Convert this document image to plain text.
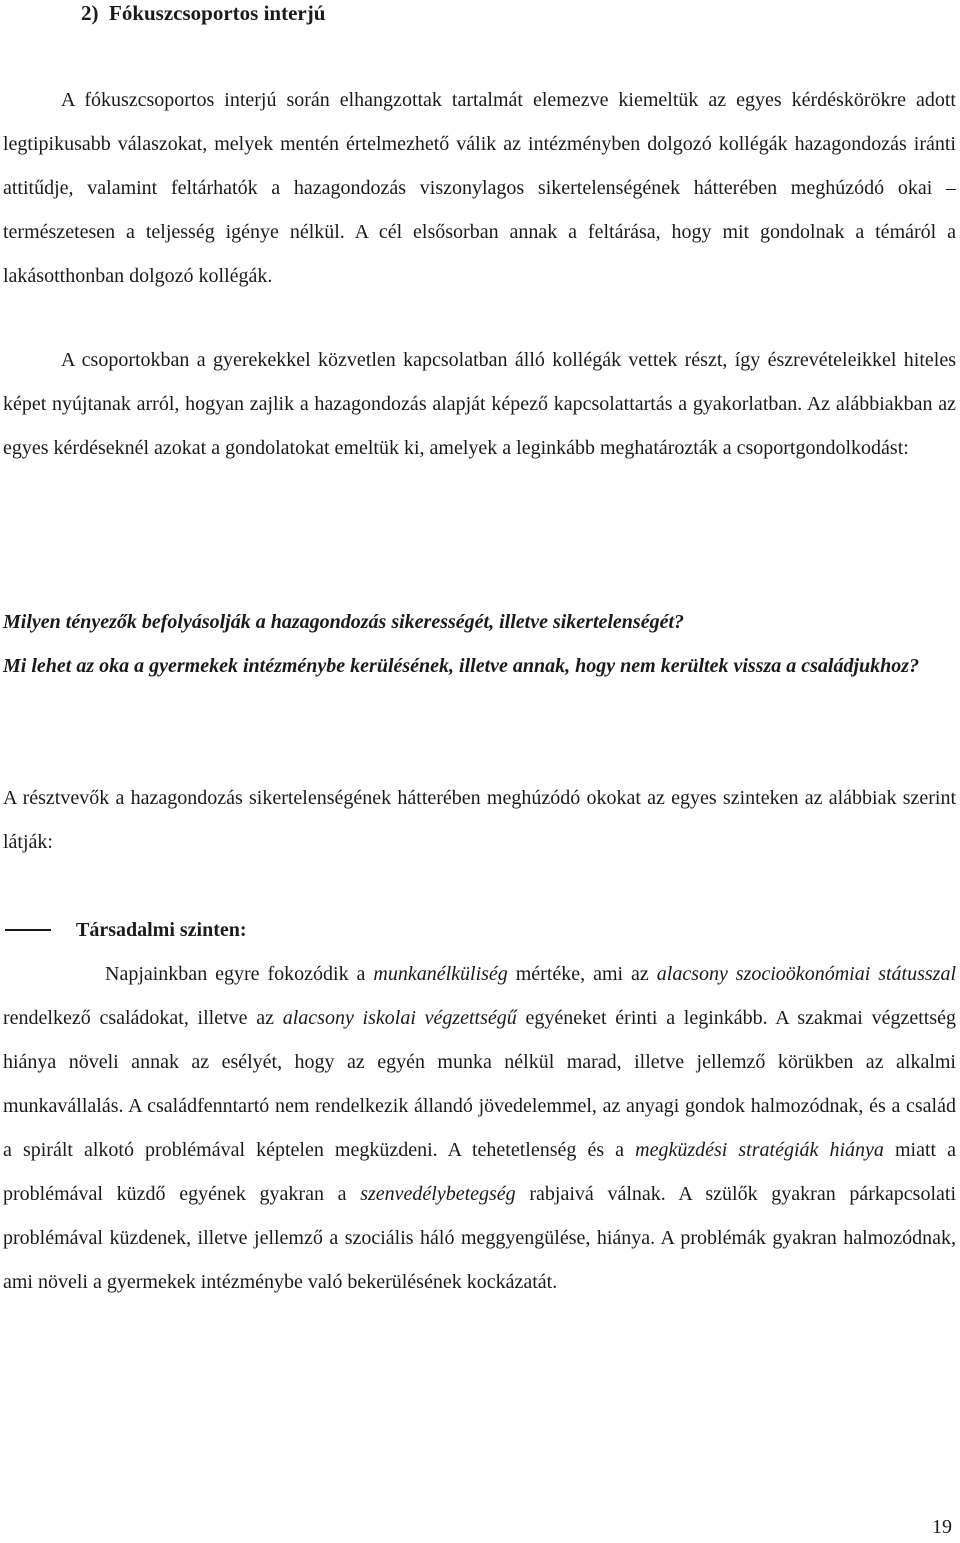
2)  Fókuszcsoportos interjú

A fókuszcsoportos interjú során elhangzottak tartalmát elemezve kiemeltük az egyes kérdéskörökre adott legtipikusabb válaszokat, melyek mentén értelmezhető válik az intézményben dolgozó kollégák hazagondozás iránti attitűdje, valamint feltárhatók a hazagondozás viszonylagos sikertelenségének hátterében meghúzódó okai – természetesen a teljesség igénye nélkül. A cél elsősorban annak a feltárása, hogy mit gondolnak a témáról a lakásotthonban dolgozó kollégák.

A csoportokban a gyerekekkel közvetlen kapcsolatban álló kollégák vettek részt, így észrevételeikkel hiteles képet nyújtanak arról, hogyan zajlik a hazagondozás alapját képező kapcsolattartás a gyakorlatban. Az alábbiakban az egyes kérdéseknél azokat a gondolatokat emeltük ki, amelyek a leginkább meghatározták a csoportgondolkodást:

Milyen tényezők befolyásolják a hazagondozás sikerességét, illetve sikertelenségét?

Mi lehet az oka a gyermekek intézménybe kerülésének, illetve annak, hogy nem kerültek vissza a családjukhoz?

A résztvevők a hazagondozás sikertelenségének hátterében meghúzódó okokat az egyes szinteken az alábbiak szerint látják:

Társadalmi szinten:

Napjainkban egyre fokozódik a munkanélküliség mértéke, ami az alacsony szocioökonómiai státusszal rendelkező családokat, illetve az alacsony iskolai végzettségű egyéneket érinti a leginkább. A szakmai végzettség hiánya növeli annak az esélyét, hogy az egyén munka nélkül marad, illetve jellemző körükben az alkalmi munkavállalás. A családfenntartó nem rendelkezik állandó jövedelemmel, az anyagi gondok halmozódnak, és a család a spirált alkotó problémával képtelen megküzdeni. A tehetetlenség és a megküzdési stratégiák hiánya miatt a problémával küzdő egyének gyakran a szenvedélybetegség rabjaivá válnak. A szülők gyakran párkapcsolati problémával küzdenek, illetve jellemző a szociális háló meggyengülése, hiánya. A problémák gyakran halmozódnak, ami növeli a gyermekek intézménybe való bekerülésének kockázatát.

19
